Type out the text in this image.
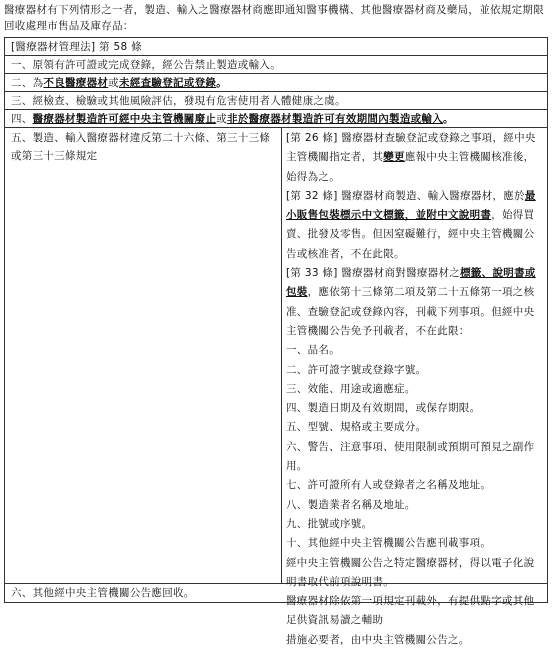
醫療器材有下列情形之一者，製造、輸入之醫療器材商應即通知醫事機構、其他醫療器材商及藥局，並依規定期限回收處理市售品及庫存品：
[醫療器材管理法] 第 58 條
一、原領有許可證或完成登錄，經公告禁止製造或輸入。
二、為不良醫療器材或未經查驗登記或登錄。
三、經檢查、檢驗或其他風險評估，發現有危害使用者人體健康之虞。
四、醫療器材製造許可經中央主管機關廢止或非於醫療器材製造許可有效期間內製造或輸入。
五、製造、輸入醫療器材違反第二十六條、第三十三條或第三十三條規定

[第 26 條] 醫療器材查驗登記或登錄之事項，經中央主管機關指定者，其變更應報中央主管機關核准後，始得為之。

[第 32 條] 醫療器材商製造、輸入醫療器材，應於最小販售包裝標示中文標籤，並附中文說明書，始得買賣、批發及零售。但因窒礙難行，經中央主管機關公告或核准者，不在此限。

[第 33 條] 醫療器材商對醫療器材之標籤、說明書或包裝，應依第十三條第二項及第二十五條第一項之核准、查驗登記或登錄內容，刊載下列事項。但經中央主管機關公告免予刊載者，不在此限：

一、品名。

二、許可證字號或登錄字號。

三、效能、用途或適應症。

四、製造日期及有效期間，或保存期限。

五、型號、規格或主要成分。

六、警告、注意事項、使用限制或預期可預見之副作用。

七、許可證所有人或登錄者之名稱及地址。

八、製造業者名稱及地址。

九、批號或序號。

十、其他經中央主管機關公告應刊載事項。

經中央主管機關公告之特定醫療器材，得以電子化說明書取代前項說明書。

醫療器材除依第一項規定刊載外，有提供點字或其他足供資訊易讀之輔助

措施必要者，由中央主管機關公告之。

六、其他經中央主管機關公告應回收。
